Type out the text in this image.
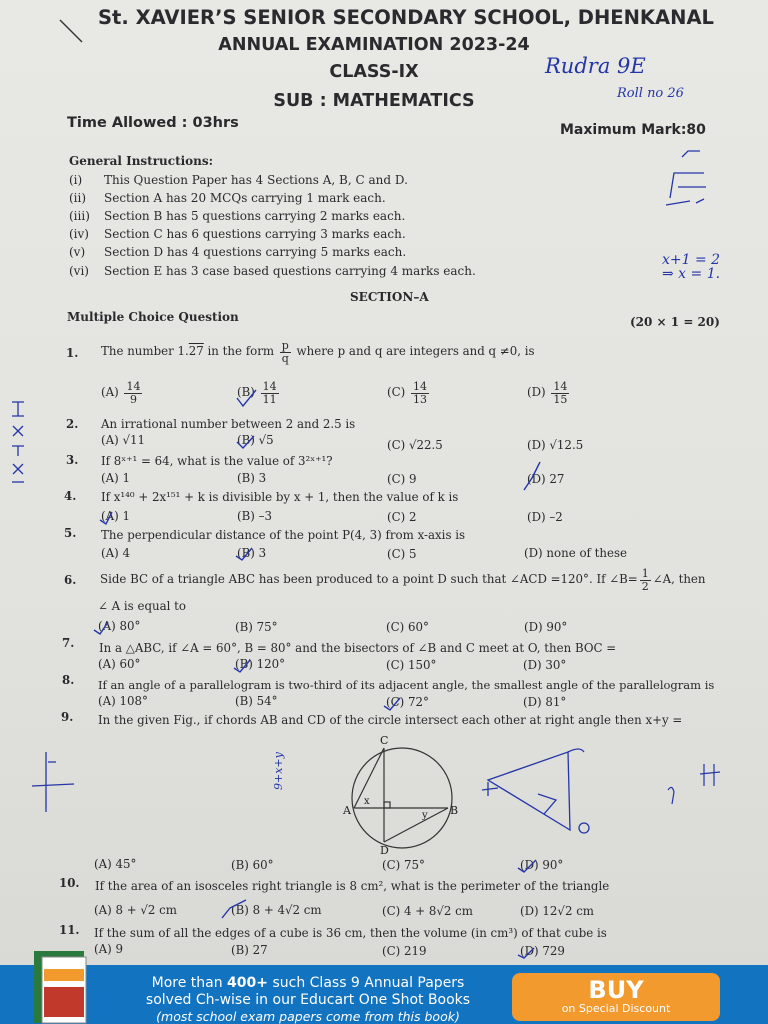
St. XAVIER’S SENIOR SECONDARY SCHOOL, DHENKANAL
ANNUAL EXAMINATION 2023-24
CLASS-IX
SUB : MATHEMATICS
Time Allowed : 03hrs	Maximum Mark:80
Rudra 9E
Roll no 26
x+1 = 2
⇒ x = 1.
General Instructions:
(i) This Question Paper has 4 Sections A, B, C and D.
(ii) Section A has 20 MCQs carrying 1 mark each.
(iii) Section B has 5 questions carrying 2 marks each.
(iv) Section C has 6 questions carrying 3 marks each.
(v) Section D has 4 questions carrying 5 marks each.
(vi) Section E has 3 case based questions carrying 4 marks each.
SECTION–A
Multiple Choice Question	(20 × 1 = 20)
1. The number 1.27 in the form $\frac{p}{q}$ where p and q are integers and q ≠0, is
$(A) \frac{14}{9}$	$(B) \frac{14}{11}$	$(C) \frac{14}{13}$	$(D) \frac{14}{15}$
2. An irrational number between 2 and 2.5 is
(A) √11	(B) √5	(C) √22.5	(D) √12.5
3. If 8ˣ⁺¹ = 64, what is the value of 3²ˣ⁺¹?
(A) 1	(B) 3	(C) 9	(D) 27
4. If x¹⁴⁰ + 2x¹⁵¹ + k is divisible by x + 1, then the value of k is
(A) 1	(B) –3	(C) 2	(D) –2
5. The perpendicular distance of the point P(4, 3) from x-axis is
(A) 4	(B) 3	(C) 5	(D) none of these
6. Side BC of a triangle ABC has been produced to a point D such that ∠ACD =120°. If ∠B= $\frac{1}{2}$ ∠A, then
∠ A is equal to
(A) 80°	(B) 75°	(C) 60°	(D) 90°
7. In a △ABC, if ∠A = 60°, B = 80° and the bisectors of ∠B and C meet at O, then BOC =
(A) 60°	(B) 120°	(C) 150°	(D) 30°
8. If an angle of a parallelogram is two-third of its adjacent angle, the smallest angle of the parallelogram is
(A) 108°	(B) 54°	(C) 72°	(D) 81°
9. In the given Fig., if chords AB and CD of the circle intersect each other at right angle then x+y =
C
A	B
D
x
y
9+x+y
(A) 45°	(B) 60°	(C) 75°	(D) 90°
10. If the area of an isosceles right triangle is 8 cm², what is the perimeter of the triangle
(A) 8 + √2 cm	(B) 8 + 4√2 cm	(C) 4 + 8√2 cm	(D) 12√2 cm
11. If the sum of all the edges of a cube is 36 cm, then the volume (in cm³) of that cube is
(A) 9	(B) 27	(C) 219	(D) 729
More than 400+ such Class 9 Annual Papers
solved Ch-wise in our Educart One Shot Books
(most school exam papers come from this book)
BUY
on Special Discount
